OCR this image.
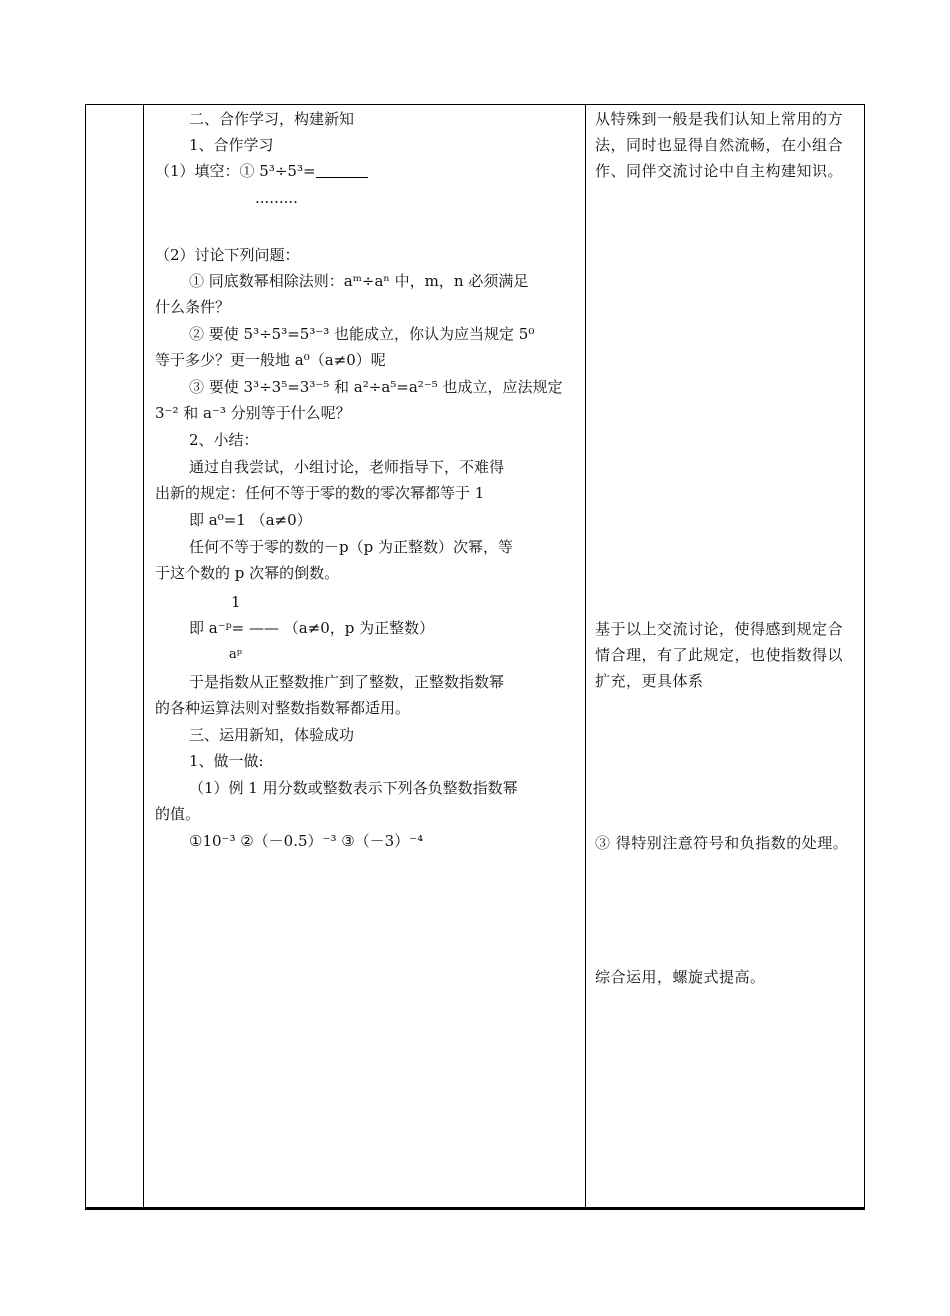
二、合作学习，构建新知
1、合作学习
（1）填空：① 5³÷5³=
.........
（2）讨论下列问题：
① 同底数幂相除法则：aᵐ÷aⁿ 中，m，n 必须满足
什么条件？
② 要使 5³÷5³=5³⁻³ 也能成立，你认为应当规定 5⁰
等于多少？更一般地 a⁰（a≠0）呢
③ 要使 3³÷3⁵=3³⁻⁵ 和 a²÷a⁵=a²⁻⁵ 也成立，应法规定
3⁻² 和 a⁻³ 分别等于什么呢？
2、小结：
通过自我尝试，小组讨论，老师指导下，不难得
出新的规定：任何不等于零的数的零次幂都等于 1
即 a⁰=1 （a≠0）
任何不等于零的数的－p（p 为正整数）次幂，等
于这个数的 p 次幂的倒数。
1
即 a⁻ᵖ= —— （a≠0，p 为正整数）
aᵖ
于是指数从正整数推广到了整数，正整数指数幂
的各种运算法则对整数指数幂都适用。
三、运用新知，体验成功
1、做一做:
（1）例 1 用分数或整数表示下列各负整数指数幂
的值。
①10⁻³ ②（－0.5）⁻³ ③（－3）⁻⁴
从特殊到一般是我们认知上常用的方法，同时也显得自然流畅，在小组合作、同伴交流讨论中自主构建知识。
基于以上交流讨论，使得感到规定合情合理，有了此规定，也使指数得以扩充，更具体系
③ 得特别注意符号和负指数的处理。
综合运用，螺旋式提高。
